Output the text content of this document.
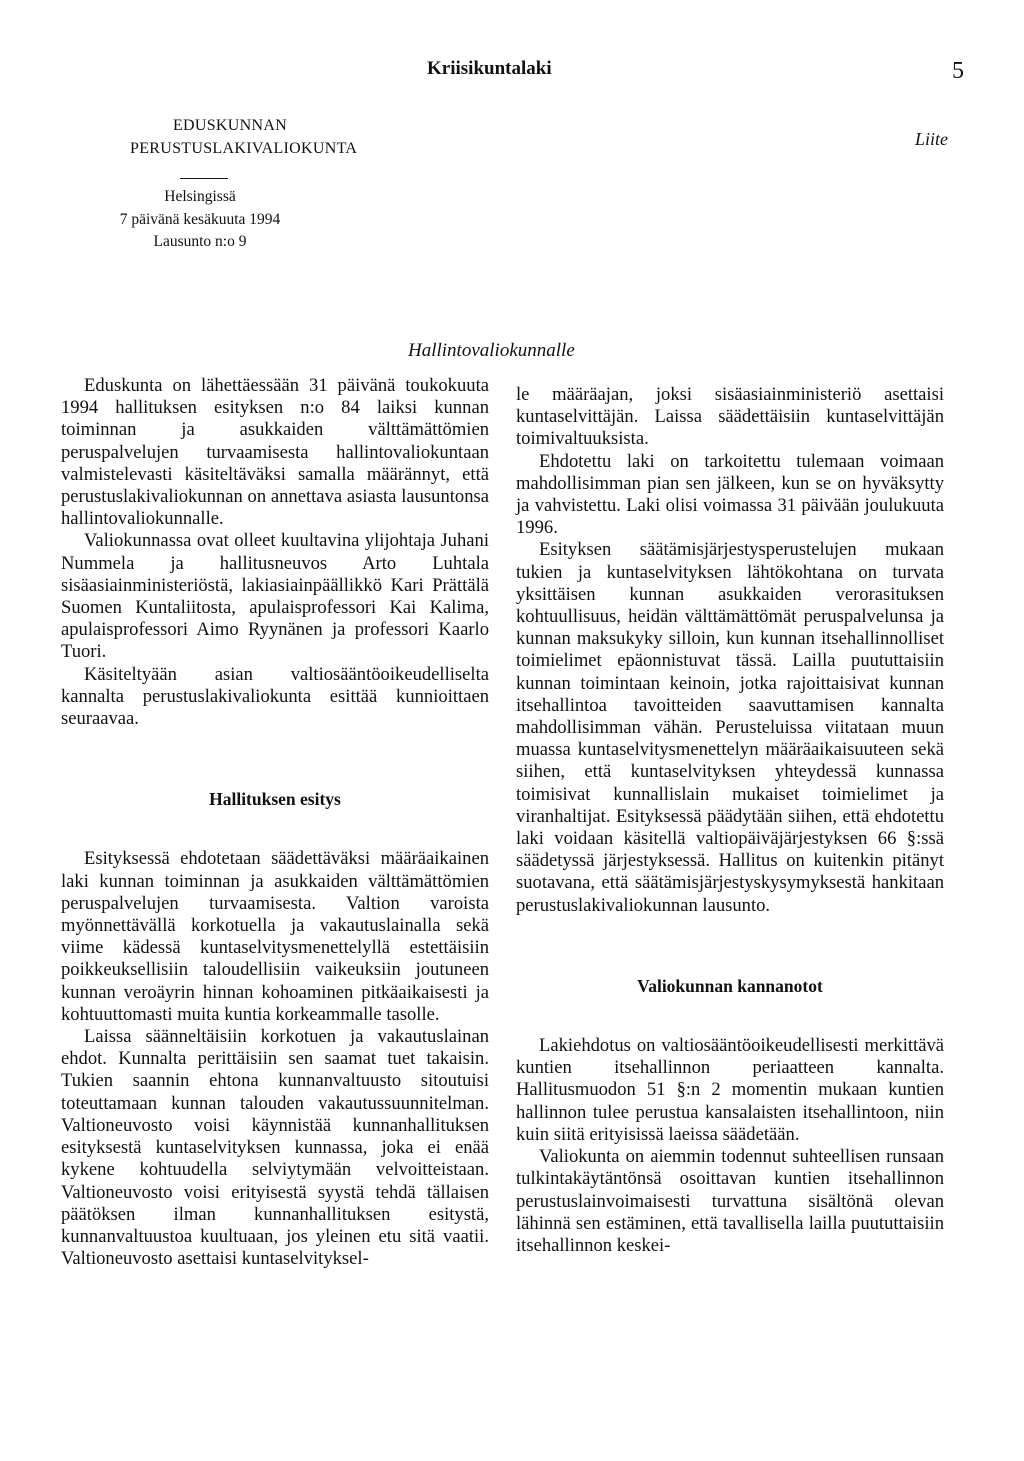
Kriisikuntalaki	5
EDUSKUNNAN
PERUSTUSLAKIVALIOKUNTA	Liite
Helsingissä
7 päivänä kesäkuuta 1994
Lausunto n:o 9
Hallintovaliokunnalle

Eduskunta on lähettäessään 31 päivänä toukokuuta 1994 hallituksen esityksen n:o 84 laiksi kunnan toiminnan ja asukkaiden välttämättömien peruspalvelujen turvaamisesta hallintovaliokuntaan valmistelevasti käsiteltäväksi samalla määrännyt, että perustuslakivaliokunnan on annettava asiasta lausuntonsa hallintovaliokunnalle.

Valiokunnassa ovat olleet kuultavina ylijohtaja Juhani Nummela ja hallitusneuvos Arto Luhtala sisäasiainministeriöstä, lakiasiainpäällikkö Kari Prättälä Suomen Kuntaliitosta, apulaisprofessori Kai Kalima, apulaisprofessori Aimo Ryynänen ja professori Kaarlo Tuori.

Käsiteltyään asian valtiosääntöoikeudelliselta kannalta perustuslakivaliokunta esittää kunnioittaen seuraavaa.

Hallituksen esitys

Esityksessä ehdotetaan säädettäväksi määräaikainen laki kunnan toiminnan ja asukkaiden välttämättömien peruspalvelujen turvaamisesta. Valtion varoista myönnettävällä korkotuella ja vakautuslainalla sekä viime kädessä kuntaselvitysmenettelyllä estettäisiin poikkeuksellisiin taloudellisiin vaikeuksiin joutuneen kunnan veroäyrin hinnan kohoaminen pitkäaikaisesti ja kohtuuttomasti muita kuntia korkeammalle tasolle.

Laissa säänneltäisiin korkotuen ja vakautuslainan ehdot. Kunnalta perittäisiin sen saamat tuet takaisin. Tukien saannin ehtona kunnanvaltuusto sitoutuisi toteuttamaan kunnan talouden vakautussuunnitelman. Valtioneuvosto voisi käynnistää kunnanhallituksen esityksestä kuntaselvityksen kunnassa, joka ei enää kykene kohtuudella selviytymään velvoitteistaan. Valtioneuvosto voisi erityisestä syystä tehdä tällaisen päätöksen ilman kunnanhallituksen esitystä, kunnanvaltuustoa kuultuaan, jos yleinen etu sitä vaatii. Valtioneuvosto asettaisi kuntaselvityksel-

le määräajan, joksi sisäasiainministeriö asettaisi kuntaselvittäjän. Laissa säädettäisiin kuntaselvittäjän toimivaltuuksista.

Ehdotettu laki on tarkoitettu tulemaan voimaan mahdollisimman pian sen jälkeen, kun se on hyväksytty ja vahvistettu. Laki olisi voimassa 31 päivään joulukuuta 1996.

Esityksen säätämisjärjestysperustelujen mukaan tukien ja kuntaselvityksen lähtökohtana on turvata yksittäisen kunnan asukkaiden verorasituksen kohtuullisuus, heidän välttämättömät peruspalvelunsa ja kunnan maksukyky silloin, kun kunnan itsehallinnolliset toimielimet epäonnistuvat tässä. Lailla puututtaisiin kunnan toimintaan keinoin, jotka rajoittaisivat kunnan itsehallintoa tavoitteiden saavuttamisen kannalta mahdollisimman vähän. Perusteluissa viitataan muun muassa kuntaselvitysmenettelyn määräaikaisuuteen sekä siihen, että kuntaselvityksen yhteydessä kunnassa toimisivat kunnallislain mukaiset toimielimet ja viranhaltijat. Esityksessä päädytään siihen, että ehdotettu laki voidaan käsitellä valtiopäiväjärjestyksen 66 §:ssä säädetyssä järjestyksessä. Hallitus on kuitenkin pitänyt suotavana, että säätämisjärjestyskysymyksestä hankitaan perustuslakivaliokunnan lausunto.

Valiokunnan kannanotot

Lakiehdotus on valtiosääntöoikeudellisesti merkittävä kuntien itsehallinnon periaatteen kannalta. Hallitusmuodon 51 §:n 2 momentin mukaan kuntien hallinnon tulee perustua kansalaisten itsehallintoon, niin kuin siitä erityisissä laeissa säädetään.

Valiokunta on aiemmin todennut suhteellisen runsaan tulkintakäytäntönsä osoittavan kuntien itsehallinnon perustuslainvoimaisesti turvattuna sisältönä olevan lähinnä sen estäminen, että tavallisella lailla puututtaisiin itsehallinnon keskei-
